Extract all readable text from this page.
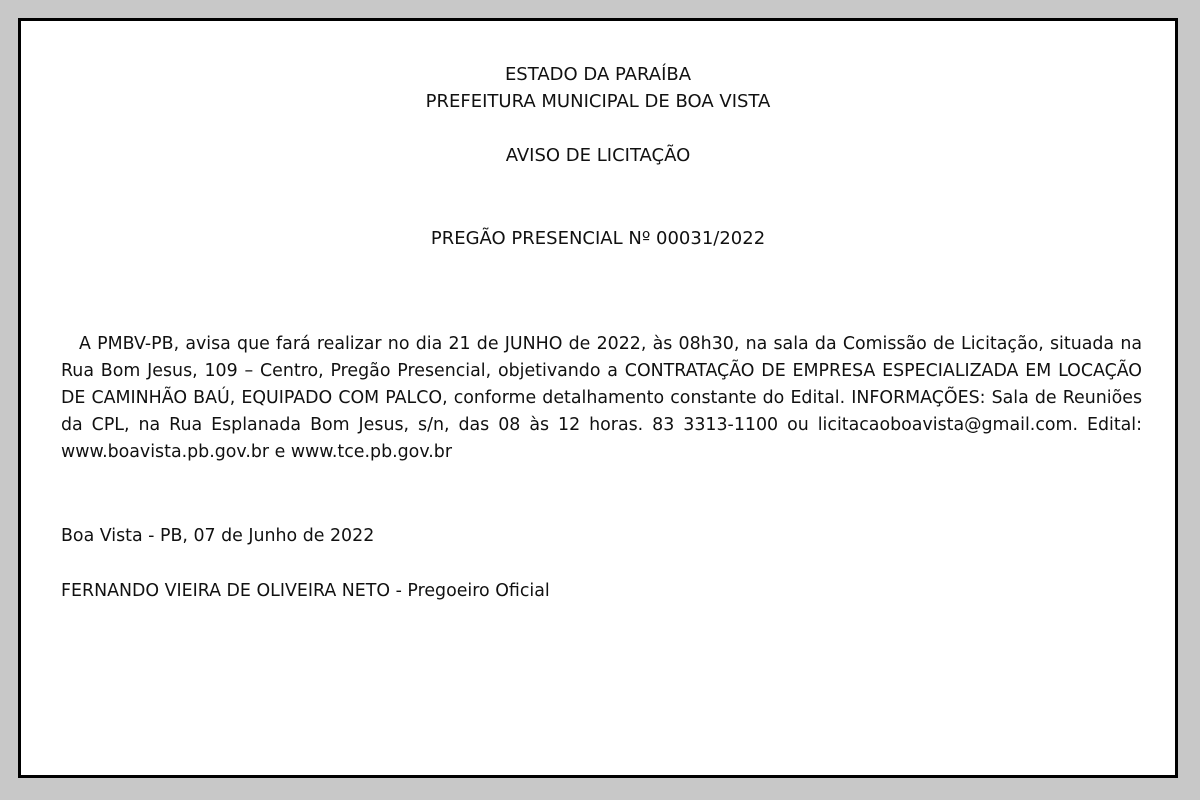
ESTADO DA PARAÍBA
PREFEITURA MUNICIPAL DE BOA VISTA
AVISO DE LICITAÇÃO
PREGÃO PRESENCIAL Nº 00031/2022

A PMBV-PB, avisa que fará realizar no dia 21 de JUNHO de 2022, às 08h30, na sala da Comissão de Licitação, situada na Rua Bom Jesus, 109 – Centro, Pregão Presencial, objetivando a CONTRATAÇÃO DE EMPRESA ESPECIALIZADA EM LOCAÇÃO DE CAMINHÃO BAÚ, EQUIPADO COM PALCO, conforme detalhamento constante do Edital. INFORMAÇÕES: Sala de Reuniões da CPL, na Rua Esplanada Bom Jesus, s/n, das 08 às 12 horas. 83 3313-1100 ou licitacaoboavista@gmail.com. Edital: www.boavista.pb.gov.br e www.tce.pb.gov.br

Boa Vista - PB, 07 de Junho de 2022

FERNANDO VIEIRA DE OLIVEIRA NETO - Pregoeiro Oficial
